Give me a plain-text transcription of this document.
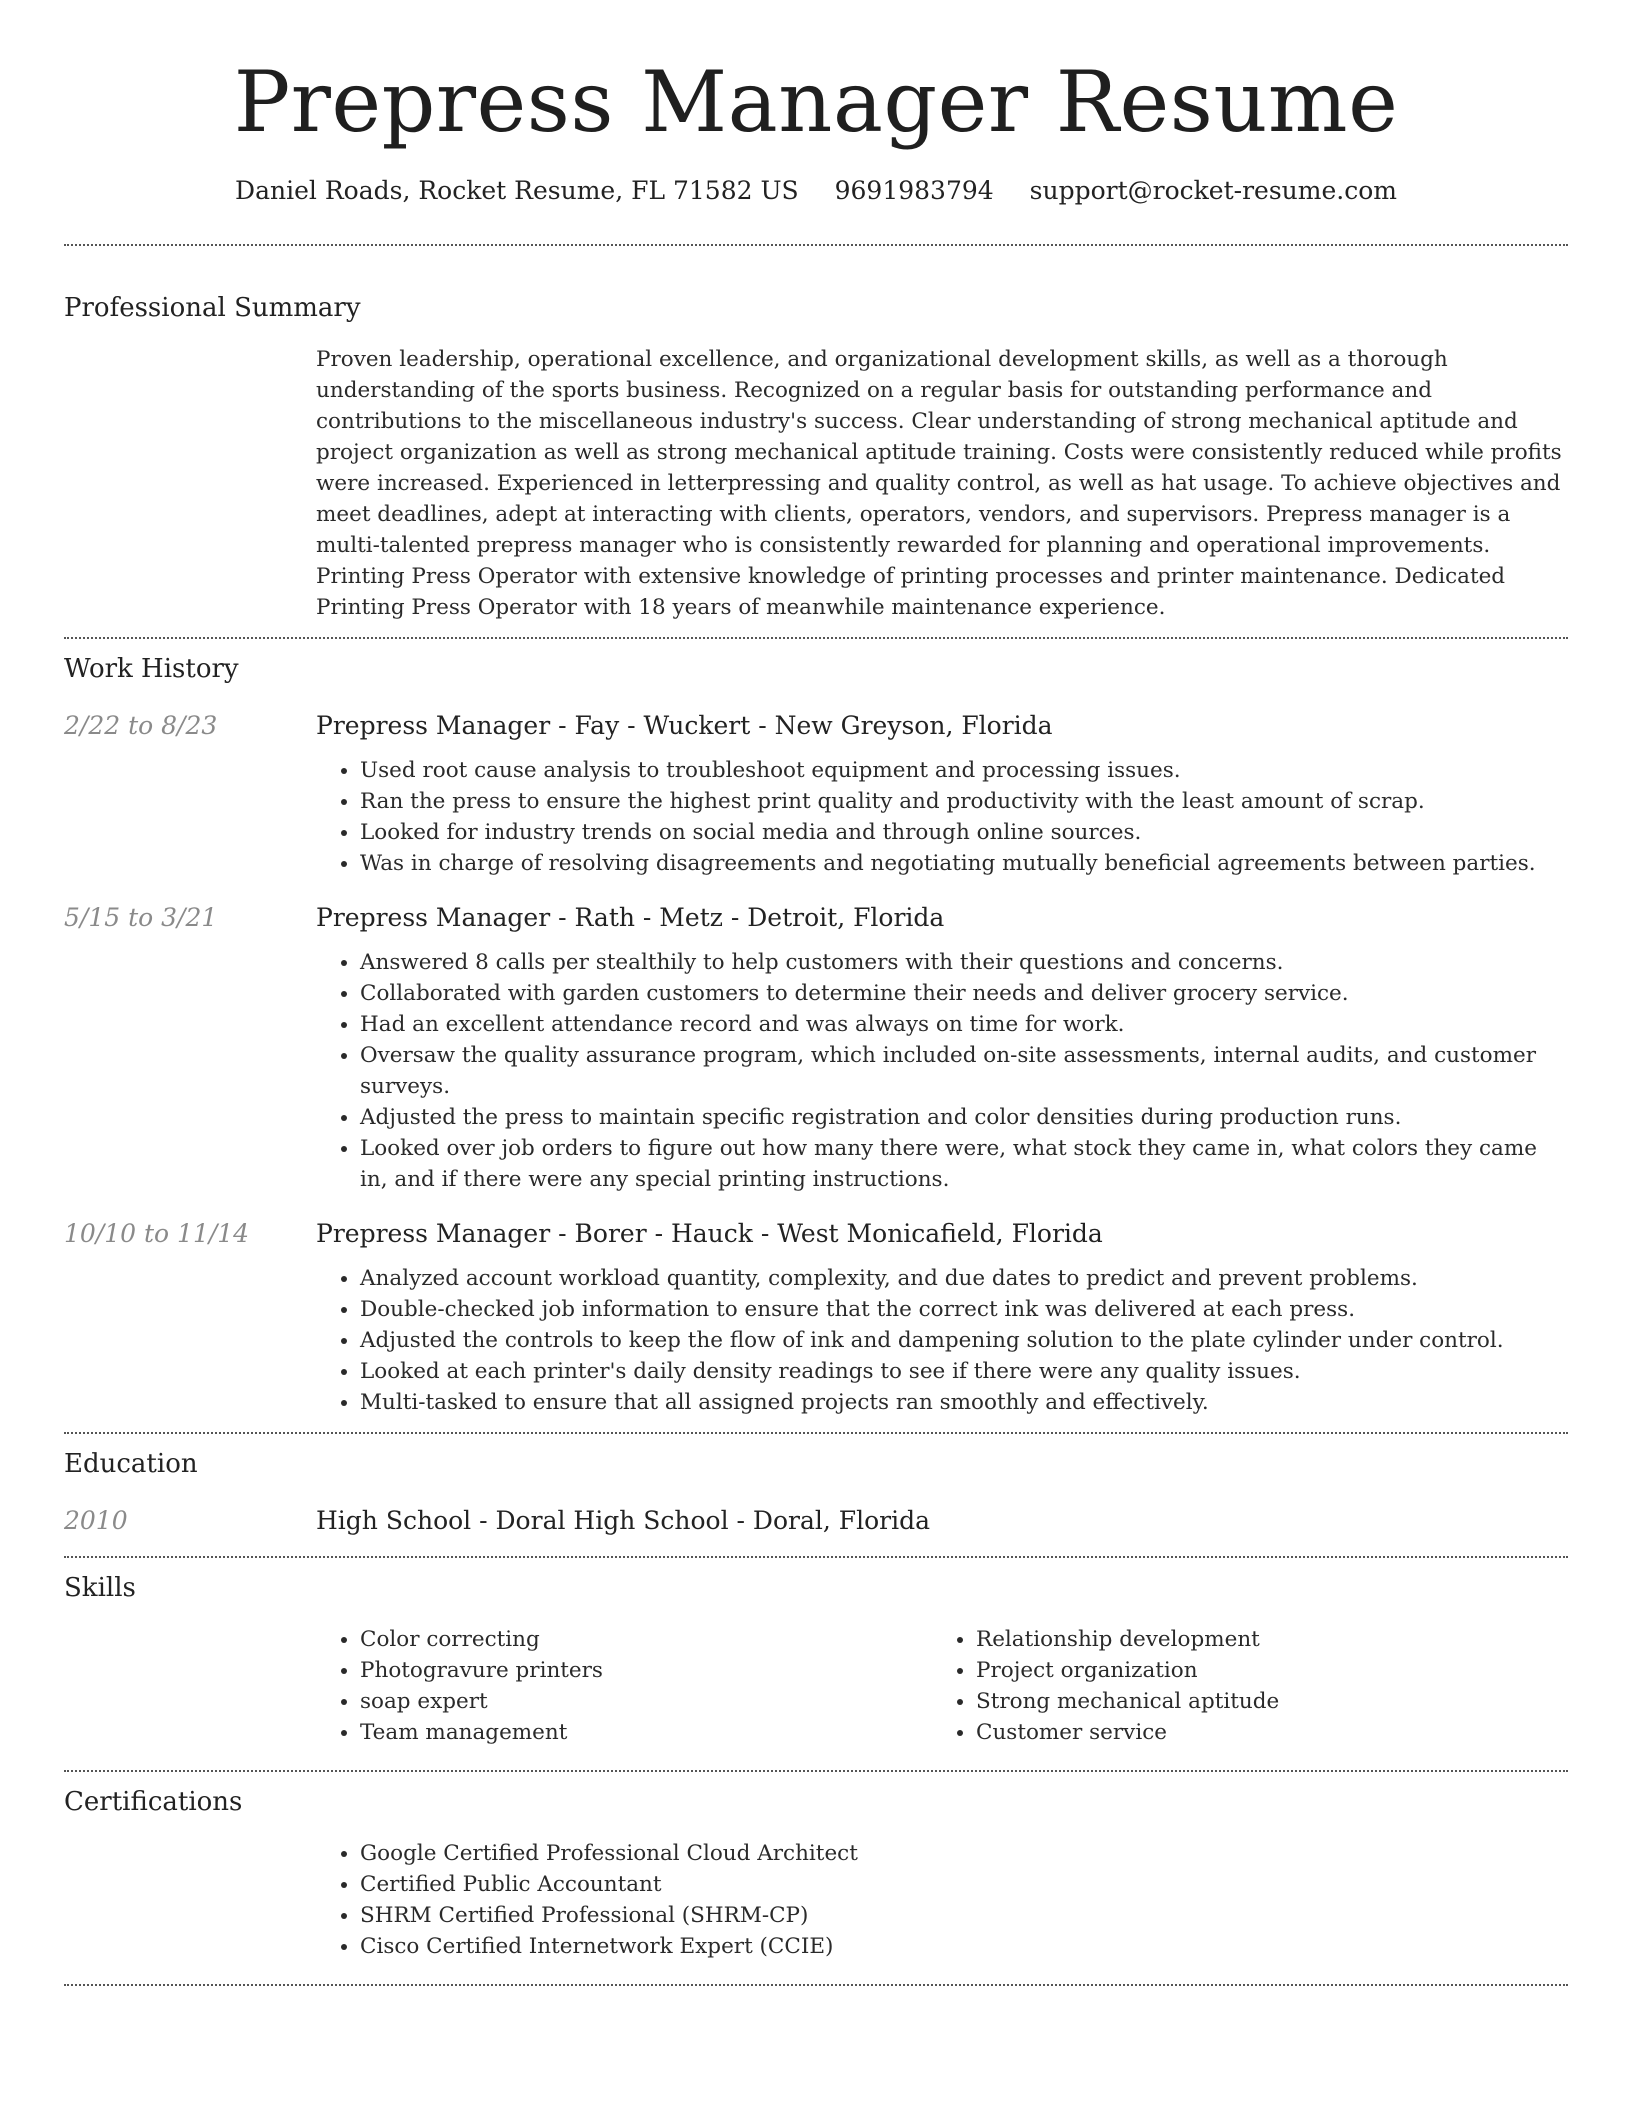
Prepress Manager Resume
Daniel Roads, Rocket Resume, FL 71582 US 9691983794 support@rocket-resume.com
Professional Summary

Proven leadership, operational excellence, and organizational development skills, as well as a thorough understanding of the sports business. Recognized on a regular basis for outstanding performance and contributions to the miscellaneous industry's success. Clear understanding of strong mechanical aptitude and project organization as well as strong mechanical aptitude training. Costs were consistently reduced while profits were increased. Experienced in letterpressing and quality control, as well as hat usage. To achieve objectives and meet deadlines, adept at interacting with clients, operators, vendors, and supervisors. Prepress manager is a multi-talented prepress manager who is consistently rewarded for planning and operational improvements. Printing Press Operator with extensive knowledge of printing processes and printer maintenance. Dedicated Printing Press Operator with 18 years of meanwhile maintenance experience.

Work History
2/22 to 8/23	Prepress Manager - Fay - Wuckert - New Greyson, Florida
• Used root cause analysis to troubleshoot equipment and processing issues.
• Ran the press to ensure the highest print quality and productivity with the least amount of scrap.
• Looked for industry trends on social media and through online sources.
• Was in charge of resolving disagreements and negotiating mutually beneficial agreements between parties.
5/15 to 3/21	Prepress Manager - Rath - Metz - Detroit, Florida
• Answered 8 calls per stealthily to help customers with their questions and concerns.
• Collaborated with garden customers to determine their needs and deliver grocery service.
• Had an excellent attendance record and was always on time for work.
• Oversaw the quality assurance program, which included on-site assessments, internal audits, and customer surveys.
• Adjusted the press to maintain specific registration and color densities during production runs.
• Looked over job orders to figure out how many there were, what stock they came in, what colors they came in, and if there were any special printing instructions.
10/10 to 11/14	Prepress Manager - Borer - Hauck - West Monicafield, Florida
• Analyzed account workload quantity, complexity, and due dates to predict and prevent problems.
• Double-checked job information to ensure that the correct ink was delivered at each press.
• Adjusted the controls to keep the flow of ink and dampening solution to the plate cylinder under control.
• Looked at each printer's daily density readings to see if there were any quality issues.
• Multi-tasked to ensure that all assigned projects ran smoothly and effectively.
Education
2010	High School - Doral High School - Doral, Florida
Skills
• Color correcting
• Photogravure printers
• soap expert
• Team management
• Relationship development
• Project organization
• Strong mechanical aptitude
• Customer service
Certifications
• Google Certified Professional Cloud Architect
• Certified Public Accountant
• SHRM Certified Professional (SHRM-CP)
• Cisco Certified Internetwork Expert (CCIE)
